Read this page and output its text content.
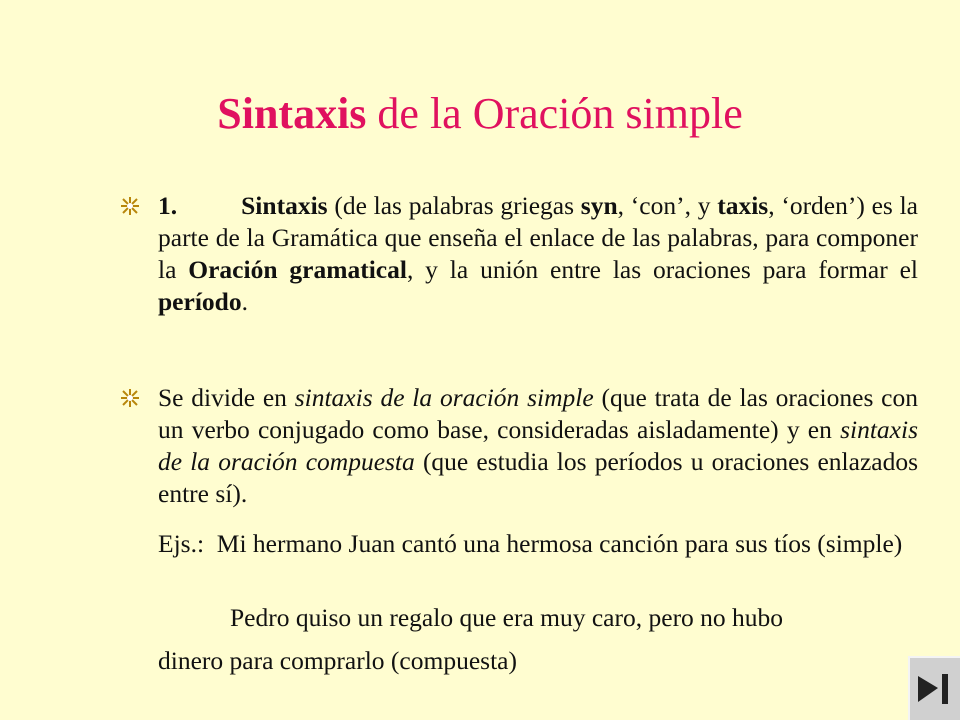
Sintaxis de la Oración simple
1.	Sintaxis (de las palabras griegas syn, ‘con’, y taxis, ‘orden’) es la parte de la Gramática que enseña el enlace de las palabras, para componer la Oración gramatical, y la unión entre las oraciones para formar el período.
Se divide en sintaxis de la oración simple (que trata de las oraciones con un verbo conjugado como base, consideradas aisladamente) y en sintaxis de la oración compuesta (que estudia los períodos u oraciones enlazados entre sí).
Ejs.: Mi hermano Juan cantó una hermosa canción para sus tíos (simple)
Pedro quiso un regalo que era muy caro, pero no hubo
dinero para comprarlo (compuesta)
